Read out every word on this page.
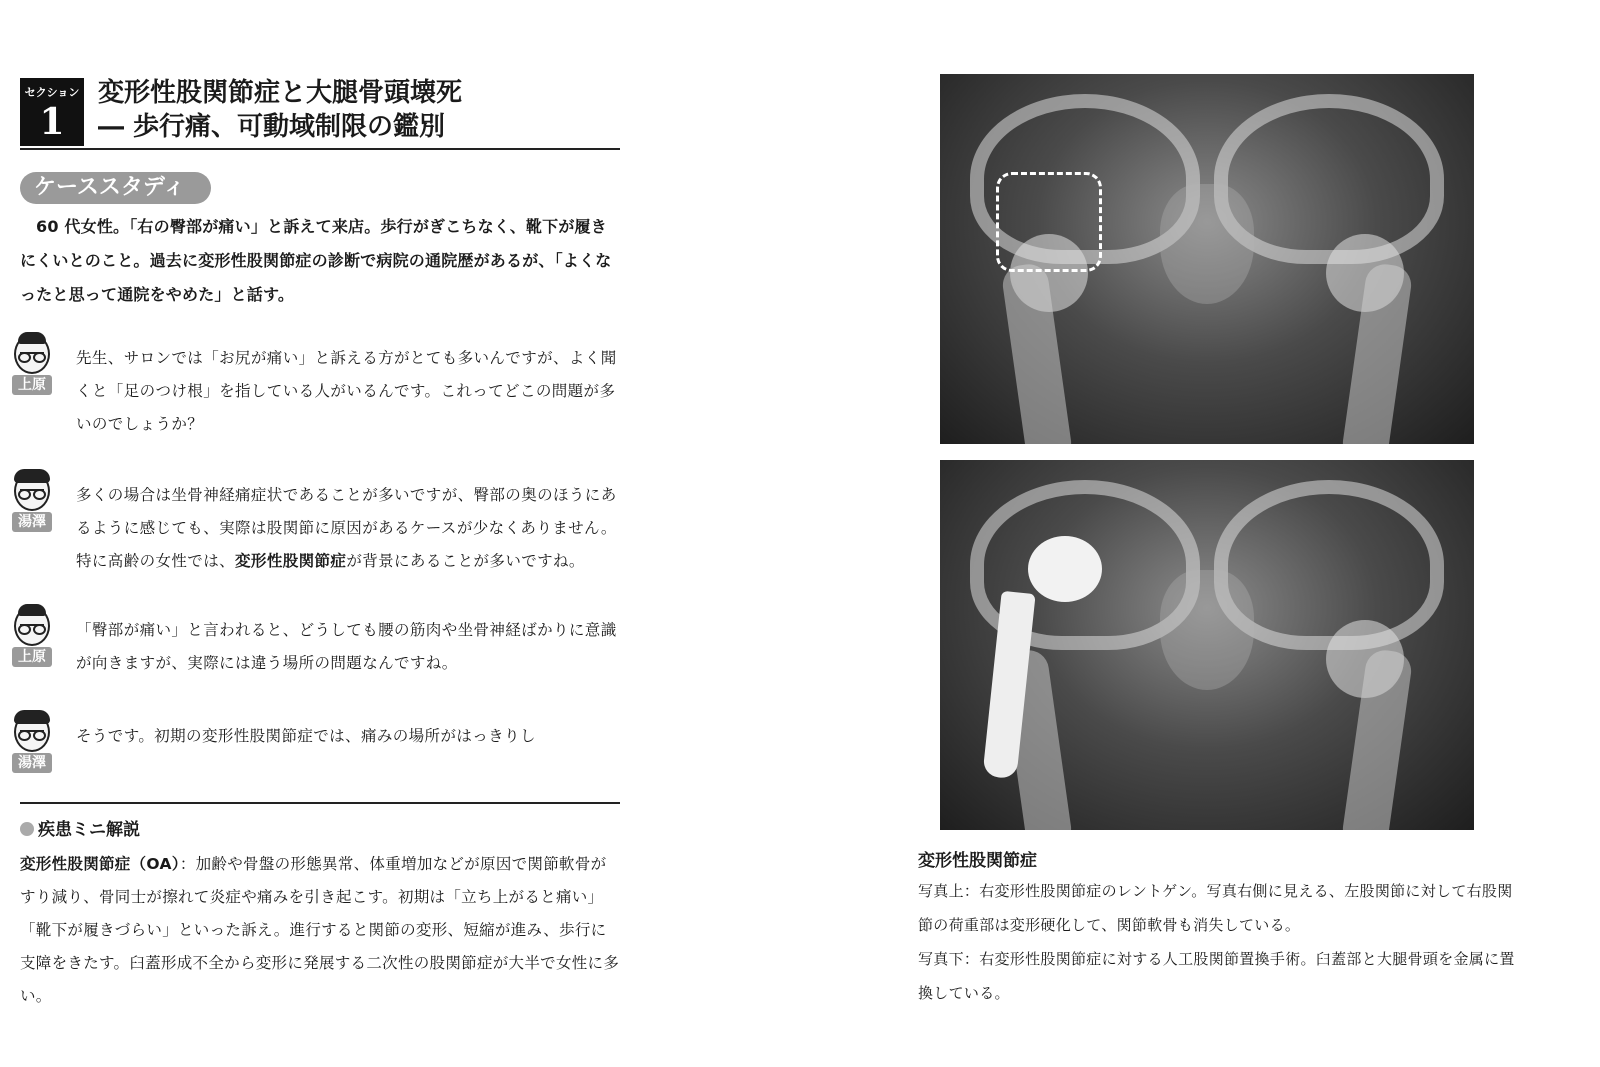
セクション
1
変形性股関節症と大腿骨頭壊死
― 歩行痛、可動域制限の鑑別
ケーススタディ

60 代女性。「右の臀部が痛い」と訴えて来店。歩行がぎこちなく、靴下が履きにくいとのこと。過去に変形性股関節症の診断で病院の通院歴があるが、「よくなったと思って通院をやめた」と話す。

上原
先生、サロンでは「お尻が痛い」と訴える方がとても多いんですが、よく聞くと「足のつけ根」を指している人がいるんです。これってどこの問題が多いのでしょうか？
湯澤
多くの場合は坐骨神経痛症状であることが多いですが、臀部の奥のほうにあるように感じても、実際は股関節に原因があるケースが少なくありません。特に高齢の女性では、変形性股関節症が背景にあることが多いですね。
上原
「臀部が痛い」と言われると、どうしても腰の筋肉や坐骨神経ばかりに意識が向きますが、実際には違う場所の問題なんですね。
湯澤
そうです。初期の変形性股関節症では、痛みの場所がはっきりし
疾患ミニ解説
変形性股関節症（OA）：加齢や骨盤の形態異常、体重増加などが原因で関節軟骨がすり減り、骨同士が擦れて炎症や痛みを引き起こす。初期は「立ち上がると痛い」「靴下が履きづらい」といった訴え。進行すると関節の変形、短縮が進み、歩行に支障をきたす。臼蓋形成不全から変形に発展する二次性の股関節症が大半で女性に多い。
変形性股関節症
写真上：右変形性股関節症のレントゲン。写真右側に見える、左股関節に対して右股関節の荷重部は変形硬化して、関節軟骨も消失している。
写真下：右変形性股関節症に対する人工股関節置換手術。臼蓋部と大腿骨頭を金属に置換している。
